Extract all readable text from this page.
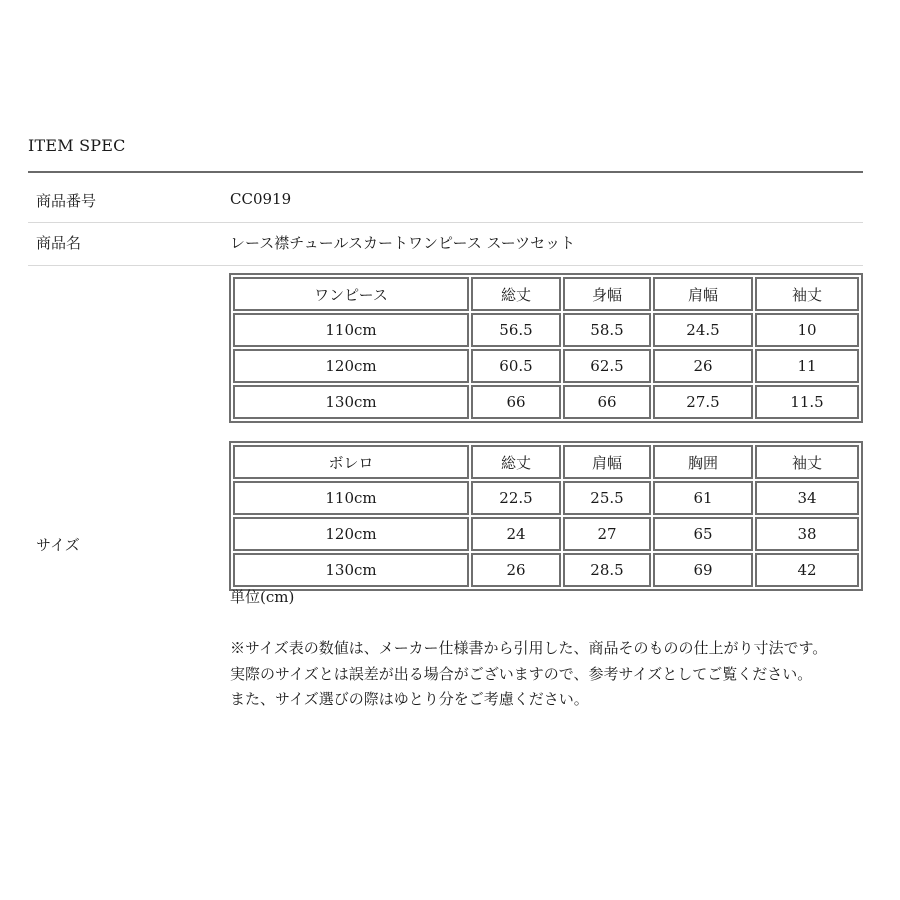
ITEM SPEC
商品番号	CC0919
商品名	レース襟チュールスカートワンピース スーツセット
サイズ
ワンピース	総丈	身幅	肩幅	袖丈
110cm	56.5	58.5	24.5	10
120cm	60.5	62.5	26	11
130cm	66	66	27.5	11.5
ボレロ	総丈	肩幅	胸囲	袖丈
110cm	22.5	25.5	61	34
120cm	24	27	65	38
130cm	26	28.5	69	42
単位(cm)

※サイズ表の数値は、メーカー仕様書から引用した、商品そのものの仕上がり寸法です。

実際のサイズとは誤差が出る場合がございますので、参考サイズとしてご覧ください。

また、サイズ選びの際はゆとり分をご考慮ください。
